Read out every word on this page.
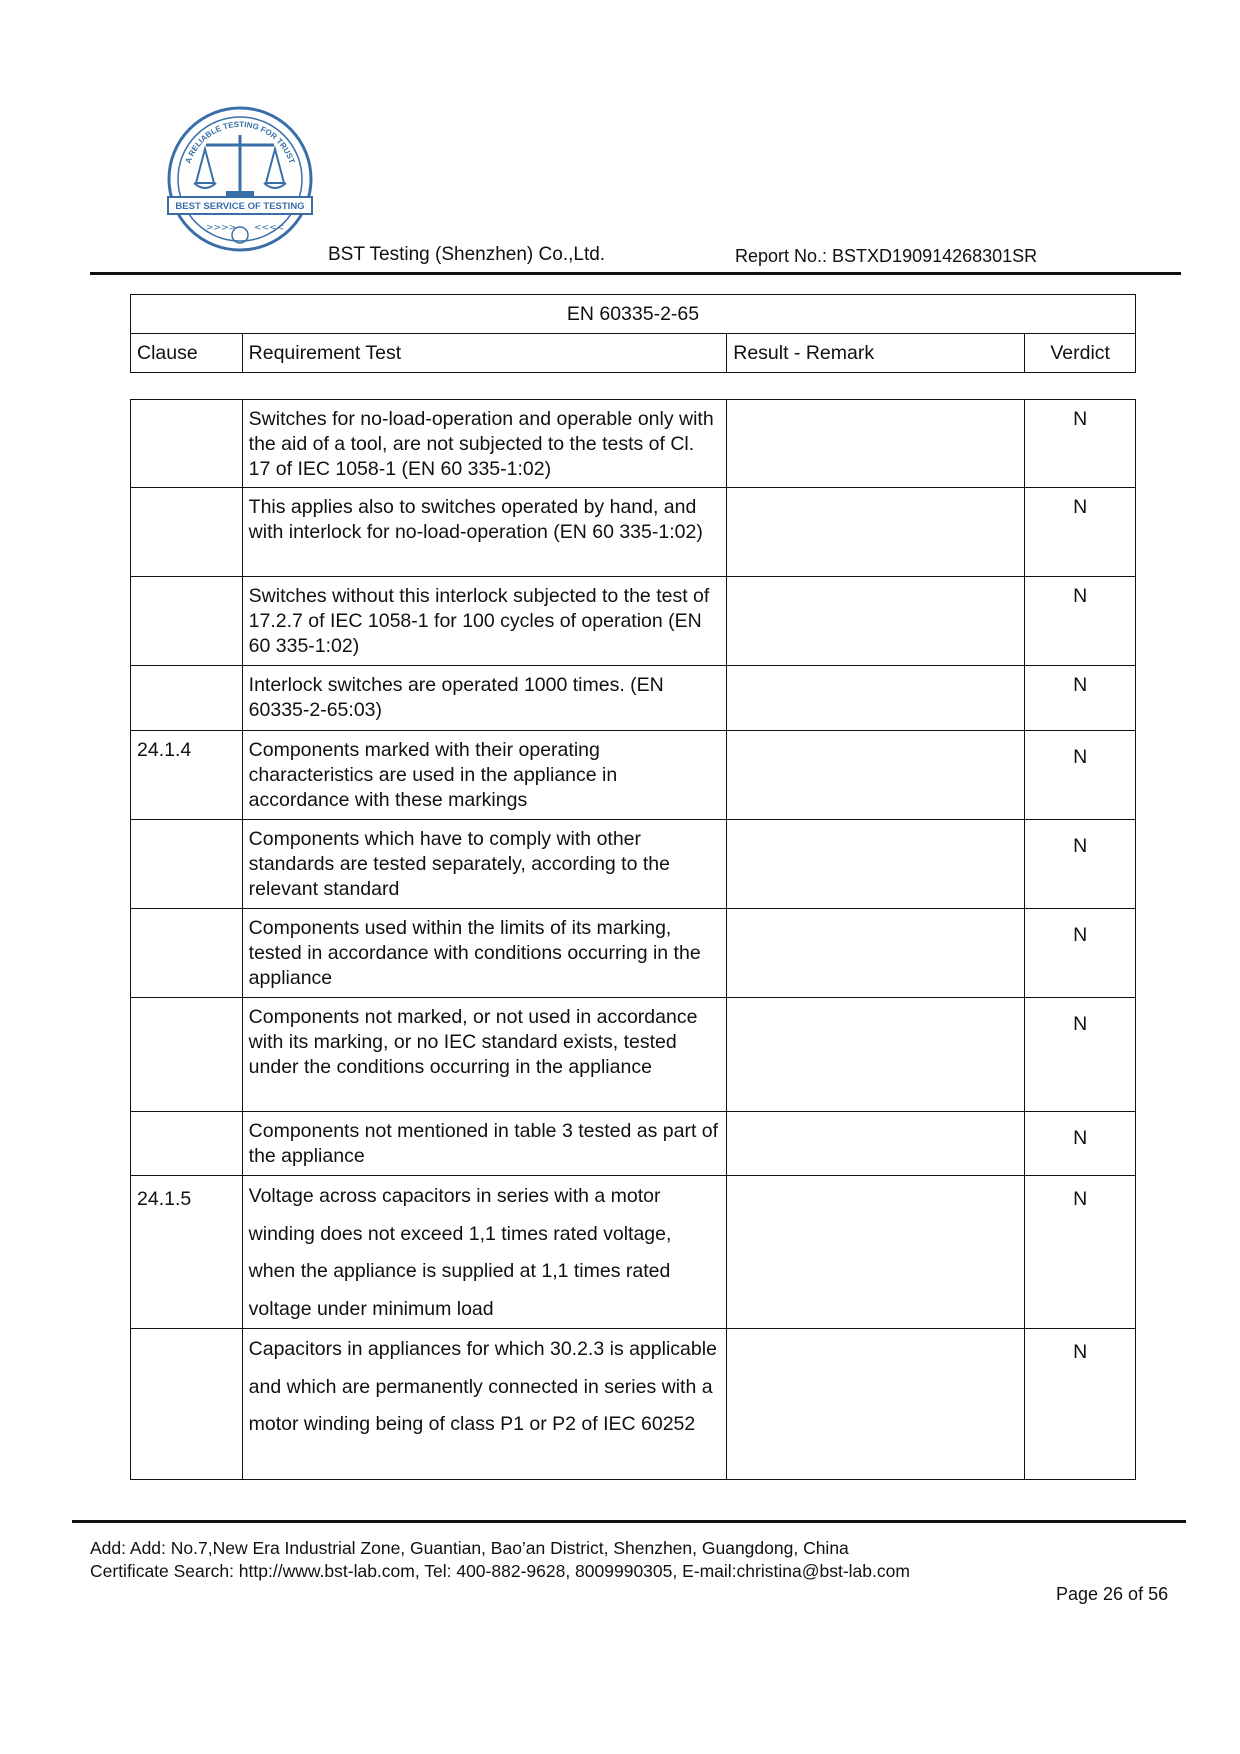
BEST SERVICE OF TESTING
>>>> <<<<
A RELIABLE TESTING FOR TRUST
BST Testing (Shenzhen) Co.,Ltd.	Report No.: BSTXD190914268301SR
EN 60335-2-65
Clause	Requirement Test	Result - Remark	Verdict
	Switches for no-load-operation and operable only with the aid of a tool, are not subjected to the tests of Cl. 17 of IEC 1058-1 (EN 60 335-1:02)		N
	This applies also to switches operated by hand, and with interlock for no-load-operation (EN 60 335-1:02)		N
	Switches without this interlock subjected to the test of 17.2.7 of IEC 1058-1 for 100 cycles of operation (EN 60 335-1:02)		N
	Interlock switches are operated 1000 times. (EN 60335-2-65:03)		N
24.1.4	Components marked with their operating characteristics are used in the appliance in accordance with these markings		N
	Components which have to comply with other standards are tested separately, according to the relevant standard		N
	Components used within the limits of its marking, tested in accordance with conditions occurring in the appliance		N
	Components not marked, or not used in accordance with its marking, or no IEC standard exists, tested under the conditions occurring in the appliance		N
	Components not mentioned in table 3 tested as part of the appliance		N
24.1.5	Voltage across capacitors in series with a motor winding does not exceed 1,1 times rated voltage, when the appliance is supplied at 1,1 times rated voltage under minimum load		N
	Capacitors in appliances for which 30.2.3 is applicable and which are permanently connected in series with a motor winding being of class P1 or P2 of IEC 60252		N
Add: Add: No.7,New Era Industrial Zone, Guantian, Bao’an District, Shenzhen, Guangdong, China
Certificate Search: http://www.bst-lab.com, Tel: 400-882-9628, 8009990305, E-mail:christina@bst-lab.com
Page 26 of 56
